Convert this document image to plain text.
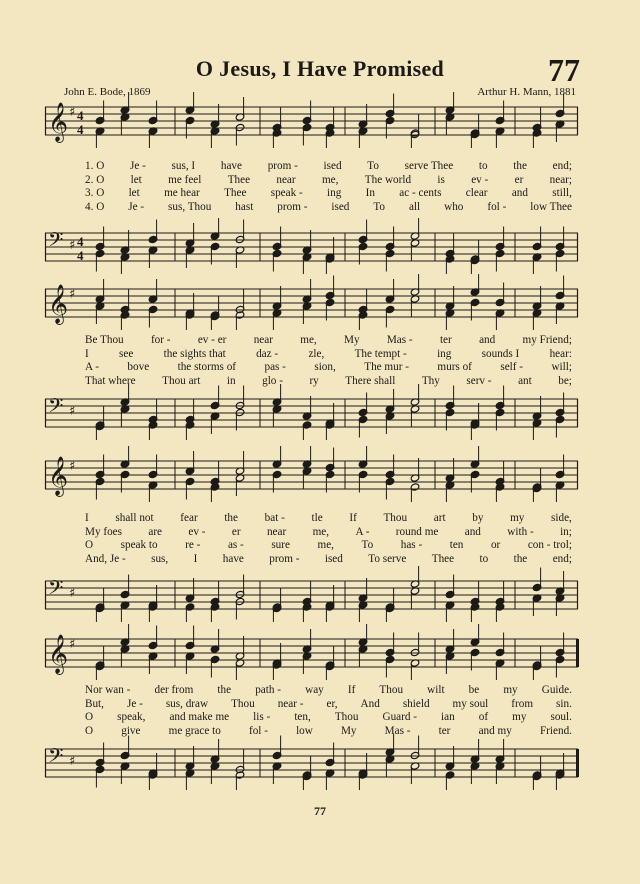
O Jesus, I Have Promised	77
John E. Bode, 1869	Arthur H. Mann, 1881
𝄞 ♯ 4
4
1. O Je - sus, I have prom - ised To serve Thee to the end;
2. O let me feel Thee near me, The world is ev - er near;
3. O let me hear Thee speak - ing In ac - cents clear and still,
4. O Je - sus, Thou hast prom - ised To all who fol - low Thee
𝄢 ♯ 4
4
𝄞 ♯
Be Thou for - ev - er near me, My Mas - ter and my Friend;
I	see	the sights that	daz -	zle,	The tempt -	ing	sounds I	hear:
A -	bove	the storms of	pas -	sion,	The mur -	murs of	self -	will;
That where Thou art in glo - ry There shall Thy serv - ant be;
𝄢 ♯
𝄞 ♯
I shall not fear the bat - tle If Thou art by my side,
My foes are ev - er near me, A - round me and with - in;
O speak to re - as - sure me, To has - ten or con - trol;
And, Je - sus, I have prom - ised To serve Thee to the end;
𝄢 ♯
𝄞 ♯
Nor wan - der from the path - way If Thou wilt be my Guide.
But, Je - sus, draw Thou near - er, And shield my soul from sin.
O speak, and make me lis - ten, Thou Guard - ian of my soul.
O	give	me grace to	fol -	low	My	Mas -	ter	and my	Friend.
𝄢 ♯
77
